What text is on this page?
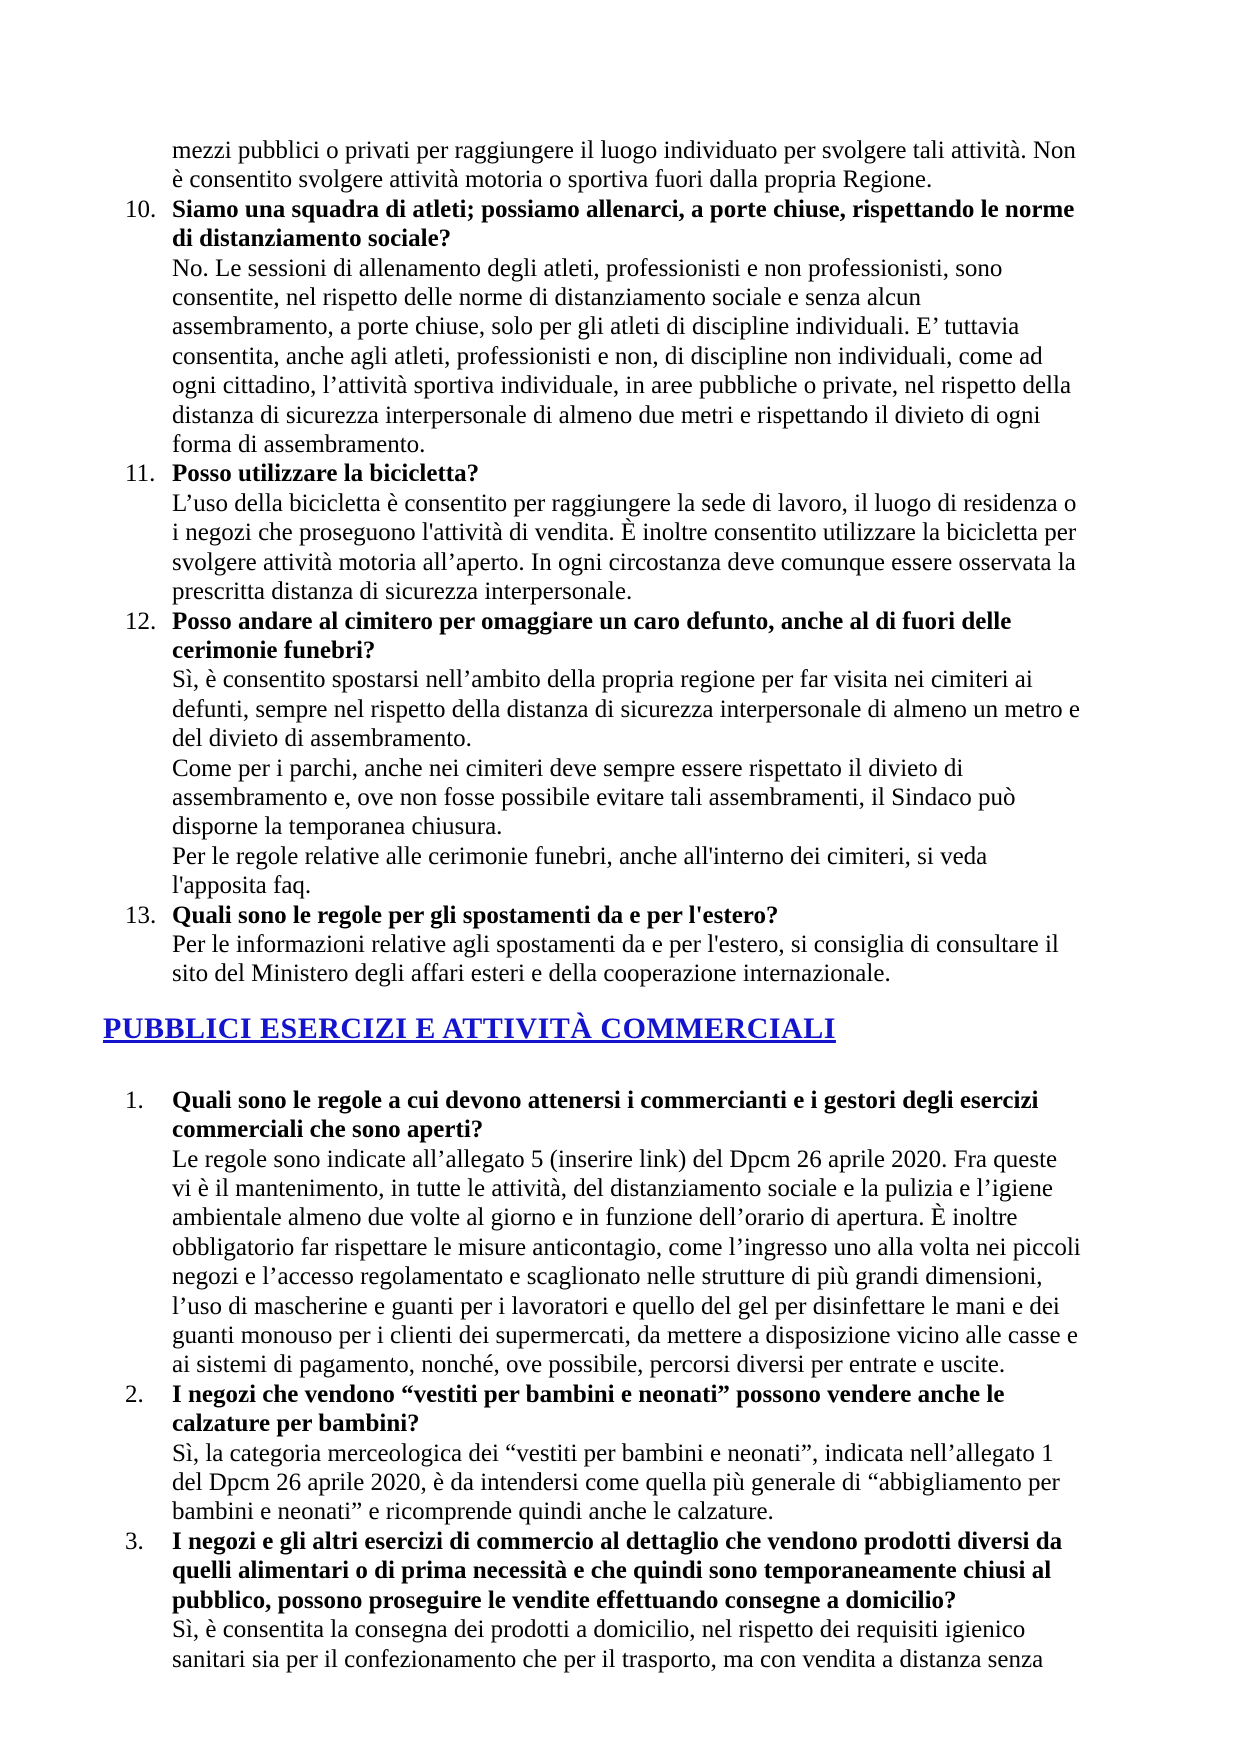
mezzi pubblici o privati per raggiungere il luogo individuato per svolgere tali attività. Non è consentito svolgere attività motoria o sportiva fuori dalla propria Regione.

10. Siamo una squadra di atleti; possiamo allenarci, a porte chiuse, rispettando le norme di distanziamento sociale?
No. Le sessioni di allenamento degli atleti, professionisti e non professionisti, sono consentite, nel rispetto delle norme di distanziamento sociale e senza alcun assembramento, a porte chiuse, solo per gli atleti di discipline individuali. E’ tuttavia consentita, anche agli atleti, professionisti e non, di discipline non individuali, come ad ogni cittadino, l’attività sportiva individuale, in aree pubbliche o private, nel rispetto della distanza di sicurezza interpersonale di almeno due metri e rispettando il divieto di ogni forma di assembramento.
11. Posso utilizzare la bicicletta?
L’uso della bicicletta è consentito per raggiungere la sede di lavoro, il luogo di residenza o i negozi che proseguono l'attività di vendita. È inoltre consentito utilizzare la bicicletta per svolgere attività motoria all’aperto. In ogni circostanza deve comunque essere osservata la prescritta distanza di sicurezza interpersonale.
12. Posso andare al cimitero per omaggiare un caro defunto, anche al di fuori delle cerimonie funebri?
Sì, è consentito spostarsi nell’ambito della propria regione per far visita nei cimiteri ai defunti, sempre nel rispetto della distanza di sicurezza interpersonale di almeno un metro e del divieto di assembramento.
Come per i parchi, anche nei cimiteri deve sempre essere rispettato il divieto di assembramento e, ove non fosse possibile evitare tali assembramenti, il Sindaco può disporne la temporanea chiusura.
Per le regole relative alle cerimonie funebri, anche all'interno dei cimiteri, si veda l'apposita faq.
13. Quali sono le regole per gli spostamenti da e per l'estero?
Per le informazioni relative agli spostamenti da e per l'estero, si consiglia di consultare il sito del Ministero degli affari esteri e della cooperazione internazionale.
PUBBLICI ESERCIZI E ATTIVITÀ COMMERCIALI
1. Quali sono le regole a cui devono attenersi i commercianti e i gestori degli esercizi commerciali che sono aperti?
Le regole sono indicate all’allegato 5 (inserire link) del Dpcm 26 aprile 2020. Fra queste vi è il mantenimento, in tutte le attività, del distanziamento sociale e la pulizia e l’igiene ambientale almeno due volte al giorno e in funzione dell’orario di apertura. È inoltre obbligatorio far rispettare le misure anticontagio, come l’ingresso uno alla volta nei piccoli negozi e l’accesso regolamentato e scaglionato nelle strutture di più grandi dimensioni, l’uso di mascherine e guanti per i lavoratori e quello del gel per disinfettare le mani e dei guanti monouso per i clienti dei supermercati, da mettere a disposizione vicino alle casse e ai sistemi di pagamento, nonché, ove possibile, percorsi diversi per entrate e uscite.
2. I negozi che vendono “vestiti per bambini e neonati” possono vendere anche le calzature per bambini?
Sì, la categoria merceologica dei “vestiti per bambini e neonati”, indicata nell’allegato 1 del Dpcm 26 aprile 2020, è da intendersi come quella più generale di “abbigliamento per bambini e neonati” e ricomprende quindi anche le calzature.
3. I negozi e gli altri esercizi di commercio al dettaglio che vendono prodotti diversi da quelli alimentari o di prima necessità e che quindi sono temporaneamente chiusi al pubblico, possono proseguire le vendite effettuando consegne a domicilio?
Sì, è consentita la consegna dei prodotti a domicilio, nel rispetto dei requisiti igienico sanitari sia per il confezionamento che per il trasporto, ma con vendita a distanza senza
